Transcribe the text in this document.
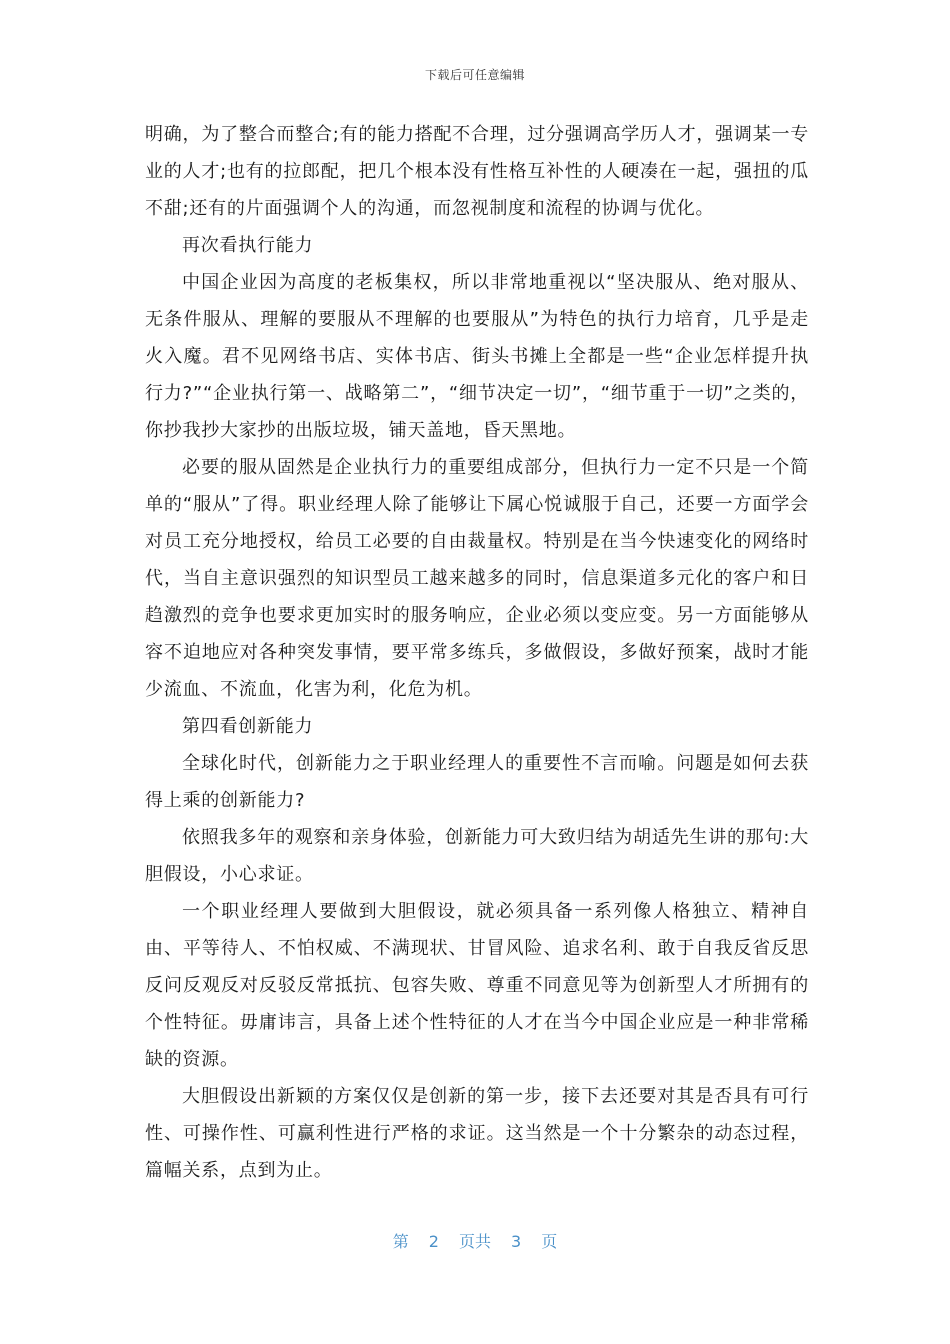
下载后可任意编辑

明确，为了整合而整合;有的能力搭配不合理，过分强调高学历人才，强调某一专业的人才;也有的拉郎配，把几个根本没有性格互补性的人硬凑在一起，强扭的瓜不甜;还有的片面强调个人的沟通，而忽视制度和流程的协调与优化。

再次看执行能力

中国企业因为高度的老板集权，所以非常地重视以“坚决服从、绝对服从、无条件服从、理解的要服从不理解的也要服从”为特色的执行力培育，几乎是走火入魔。君不见网络书店、实体书店、街头书摊上全都是一些“企业怎样提升执行力?”“企业执行第一、战略第二”，“细节决定一切”，“细节重于一切”之类的，你抄我抄大家抄的出版垃圾，铺天盖地，昏天黑地。

必要的服从固然是企业执行力的重要组成部分，但执行力一定不只是一个简单的“服从”了得。职业经理人除了能够让下属心悦诚服于自己，还要一方面学会对员工充分地授权，给员工必要的自由裁量权。特别是在当今快速变化的网络时代，当自主意识强烈的知识型员工越来越多的同时，信息渠道多元化的客户和日趋激烈的竞争也要求更加实时的服务响应，企业必须以变应变。另一方面能够从容不迫地应对各种突发事情，要平常多练兵，多做假设，多做好预案，战时才能少流血、不流血，化害为利，化危为机。

第四看创新能力

全球化时代，创新能力之于职业经理人的重要性不言而喻。问题是如何去获得上乘的创新能力?

依照我多年的观察和亲身体验，创新能力可大致归结为胡适先生讲的那句:大胆假设，小心求证。

一个职业经理人要做到大胆假设，就必须具备一系列像人格独立、精神自由、平等待人、不怕权威、不满现状、甘冒风险、追求名利、敢于自我反省反思反问反观反对反驳反常抵抗、包容失败、尊重不同意见等为创新型人才所拥有的个性特征。毋庸讳言，具备上述个性特征的人才在当今中国企业应是一种非常稀缺的资源。

大胆假设出新颖的方案仅仅是创新的第一步，接下去还要对其是否具有可行性、可操作性、可赢利性进行严格的求证。这当然是一个十分繁杂的动态过程，篇幅关系，点到为止。

第 2 页共 3 页
